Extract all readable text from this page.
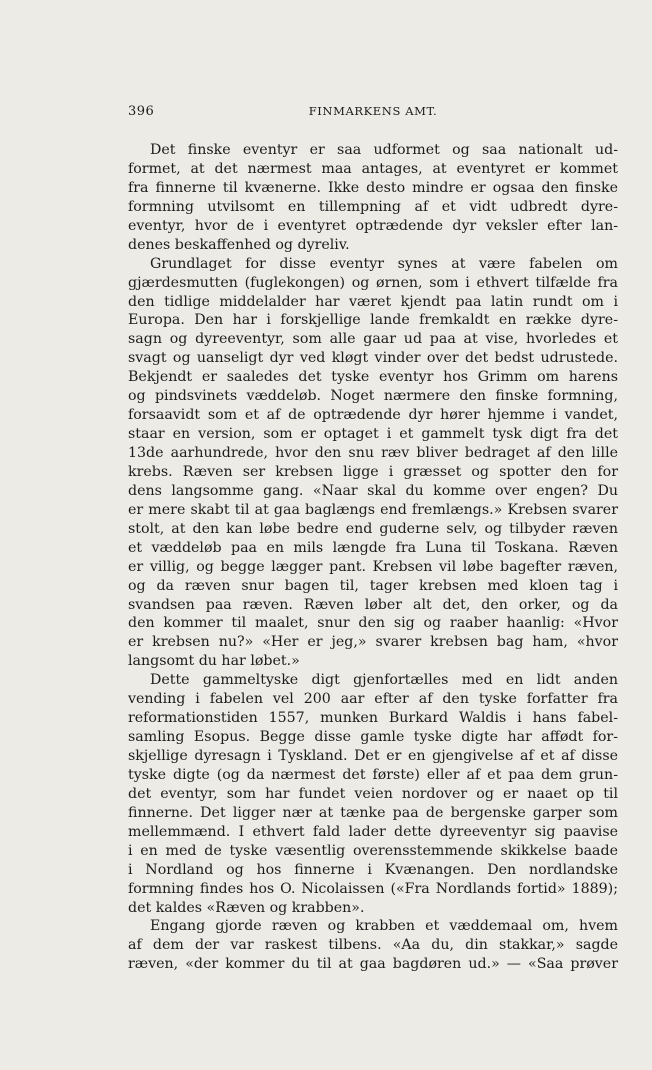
396	FINMARKENS AMT.
Det finske eventyr er saa udformet og saa nationalt ud-
formet, at det nærmest maa antages, at eventyret er kommet
fra finnerne til kvænerne. Ikke desto mindre er ogsaa den finske
formning utvilsomt en tillempning af et vidt udbredt dyre-
eventyr, hvor de i eventyret optrædende dyr veksler efter lan-
denes beskaffenhed og dyreliv.
Grundlaget for disse eventyr synes at være fabelen om
gjærdesmutten (fuglekongen) og ørnen, som i ethvert tilfælde fra
den tidlige middelalder har været kjendt paa latin rundt om i
Europa. Den har i forskjellige lande fremkaldt en række dyre-
sagn og dyreeventyr, som alle gaar ud paa at vise, hvorledes et
svagt og uanseligt dyr ved kløgt vinder over det bedst udrustede.
Bekjendt er saaledes det tyske eventyr hos Grimm om harens
og pindsvinets væddeløb. Noget nærmere den finske formning,
forsaavidt som et af de optrædende dyr hører hjemme i vandet,
staar en version, som er optaget i et gammelt tysk digt fra det
13de aarhundrede, hvor den snu ræv bliver bedraget af den lille
krebs. Ræven ser krebsen ligge i græsset og spotter den for
dens langsomme gang. «Naar skal du komme over engen? Du
er mere skabt til at gaa baglængs end fremlængs.» Krebsen svarer
stolt, at den kan løbe bedre end guderne selv, og tilbyder ræven
et væddeløb paa en mils længde fra Luna til Toskana. Ræven
er villig, og begge lægger pant. Krebsen vil løbe bagefter ræven,
og da ræven snur bagen til, tager krebsen med kloen tag i
svandsen paa ræven. Ræven løber alt det, den orker, og da
den kommer til maalet, snur den sig og raaber haanlig: «Hvor
er krebsen nu?» «Her er jeg,» svarer krebsen bag ham, «hvor
langsomt du har løbet.»
Dette gammeltyske digt gjenfortælles med en lidt anden
vending i fabelen vel 200 aar efter af den tyske forfatter fra
reformationstiden 1557, munken Burkard Waldis i hans fabel-
samling Esopus. Begge disse gamle tyske digte har affødt for-
skjellige dyresagn i Tyskland. Det er en gjengivelse af et af disse
tyske digte (og da nærmest det første) eller af et paa dem grun-
det eventyr, som har fundet veien nordover og er naaet op til
finnerne. Det ligger nær at tænke paa de bergenske garper som
mellemmænd. I ethvert fald lader dette dyreeventyr sig paavise
i en med de tyske væsentlig overensstemmende skikkelse baade
i Nordland og hos finnerne i Kvænangen. Den nordlandske
formning findes hos O. Nicolaissen («Fra Nordlands fortid» 1889);
det kaldes «Ræven og krabben».
Engang gjorde ræven og krabben et væddemaal om, hvem
af dem der var raskest tilbens. «Aa du, din stakkar,» sagde
ræven, «der kommer du til at gaa bagdøren ud.» — «Saa prøver
